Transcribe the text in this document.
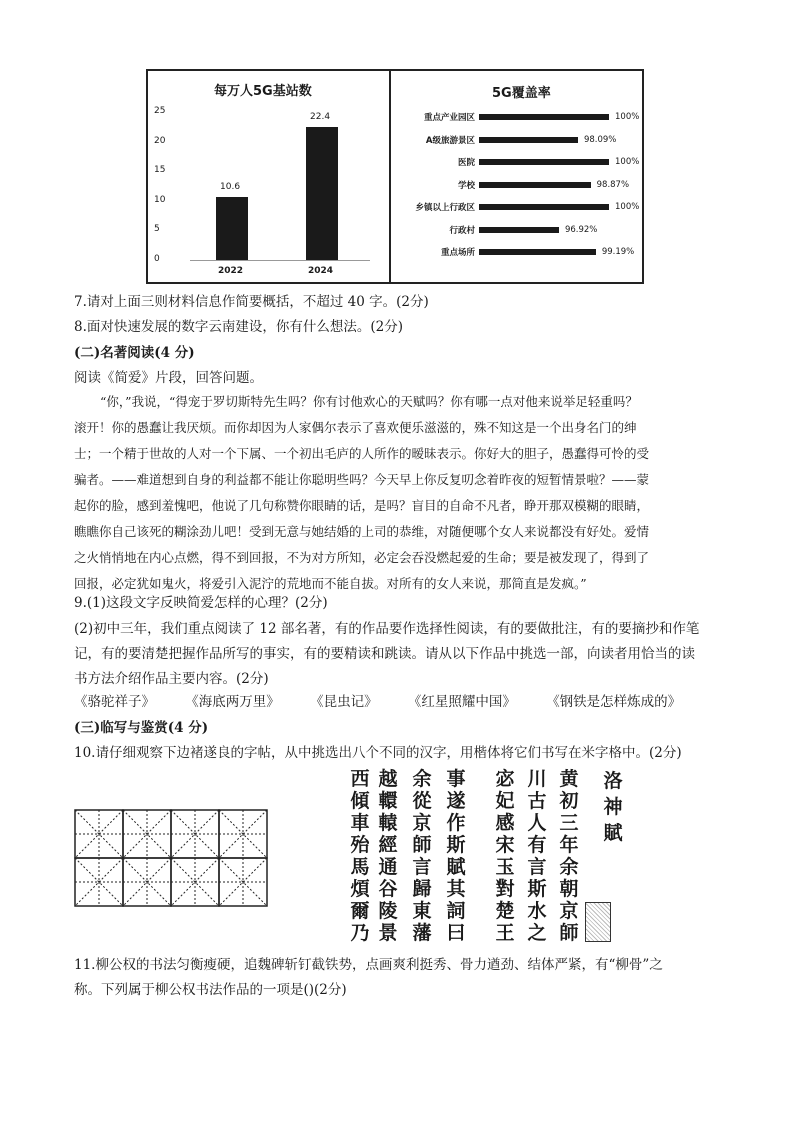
每万人5G基站数
0
5
10
15
20
25
10.6
2022
22.4
2024
5G覆盖率
重点产业园区	100%
A级旅游景区	98.09%
医院	100%
学校	98.87%
乡镇以上行政区	100%
行政村	96.92%
重点场所	99.19%
7.请对上面三则材料信息作简要概括，不超过 40 字。(2分)
8.面对快速发展的数字云南建设，你有什么想法。(2分)
(二)名著阅读(4 分)
阅读《简爱》片段，回答问题。
“你，”我说，“得宠于罗切斯特先生吗？你有讨他欢心的天赋吗？你有哪一点对他来说举足轻重吗？
滚开！你的愚蠢让我厌烦。而你却因为人家偶尔表示了喜欢便乐滋滋的，殊不知这是一个出身名门的绅
士；一个精于世故的人对一个下属、一个初出毛庐的人所作的暧昧表示。你好大的胆子，愚蠢得可怜的受
骗者。——难道想到自身的利益都不能让你聪明些吗？今天早上你反复叨念着昨夜的短暂情景啦？——蒙
起你的脸，感到羞愧吧，他说了几句称赞你眼睛的话，是吗？盲目的自命不凡者，睁开那双模糊的眼睛，
瞧瞧你自己该死的糊涂劲儿吧！受到无意与她结婚的上司的恭维，对随便哪个女人来说都没有好处。爱情
之火悄悄地在内心点燃，得不到回报，不为对方所知，必定会吞没燃起爱的生命；要是被发现了，得到了
回报，必定犹如鬼火，将爱引入泥泞的荒地而不能自拔。对所有的女人来说，那简直是发疯。”
9.(1)这段文字反映简爱怎样的心理？(2分)
(2)初中三年，我们重点阅读了 12 部名著，有的作品要作选择性阅读，有的要做批注，有的要摘抄和作笔
记，有的要清楚把握作品所写的事实，有的要精读和跳读。请从以下作品中挑选一部，向读者用恰当的读
书方法介绍作品主要内容。(2分)
《骆驼祥子》 《海底两万里》 《昆虫记》 《红星照耀中国》 《钢铁是怎样炼成的》
(三)临写与鉴赏(4 分)
10.请仔细观察下边褚遂良的字帖，从中挑选出八个不同的汉字，用楷体将它们书写在米字格中。(2分)
洛神賦
黄初三年余朝京師
川古人有言斯水之
宓妃感宋玉對楚王
事遂作斯賦其詞曰
余從京師言歸東藩
越轘轅經通谷陵景
西傾車殆馬煩爾乃
11.柳公权的书法匀衡瘦硬，追魏碑斩钉截铁势，点画爽利挺秀、骨力遒劲、结体严紧，有“柳骨”之
称。下列属于柳公权书法作品的一项是()(2分)
